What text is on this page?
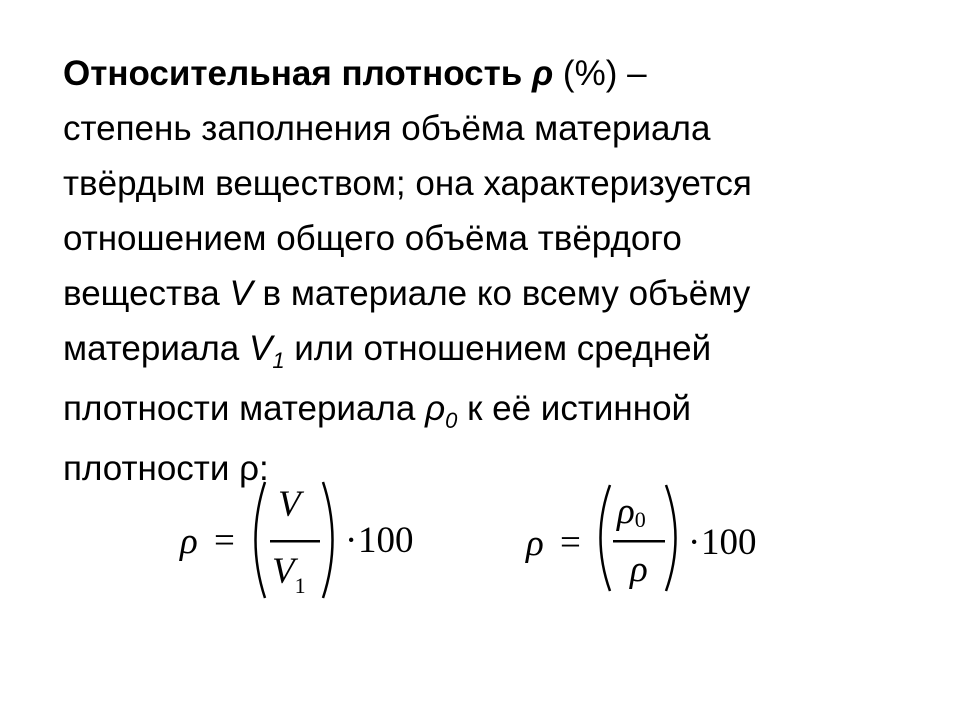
Относительная плотность ρ (%) –
степень заполнения объёма материала
твёрдым веществом; она характеризуется
отношением общего объёма твёрдого
вещества V в материале ко всему объёму
материала $V_1$ или отношением средней
плотности материала $\rho_0$ к её истинной
плотности ρ:
ρ =
V
$V_1$
· 100	ρ =
ρ0
ρ
· 100
